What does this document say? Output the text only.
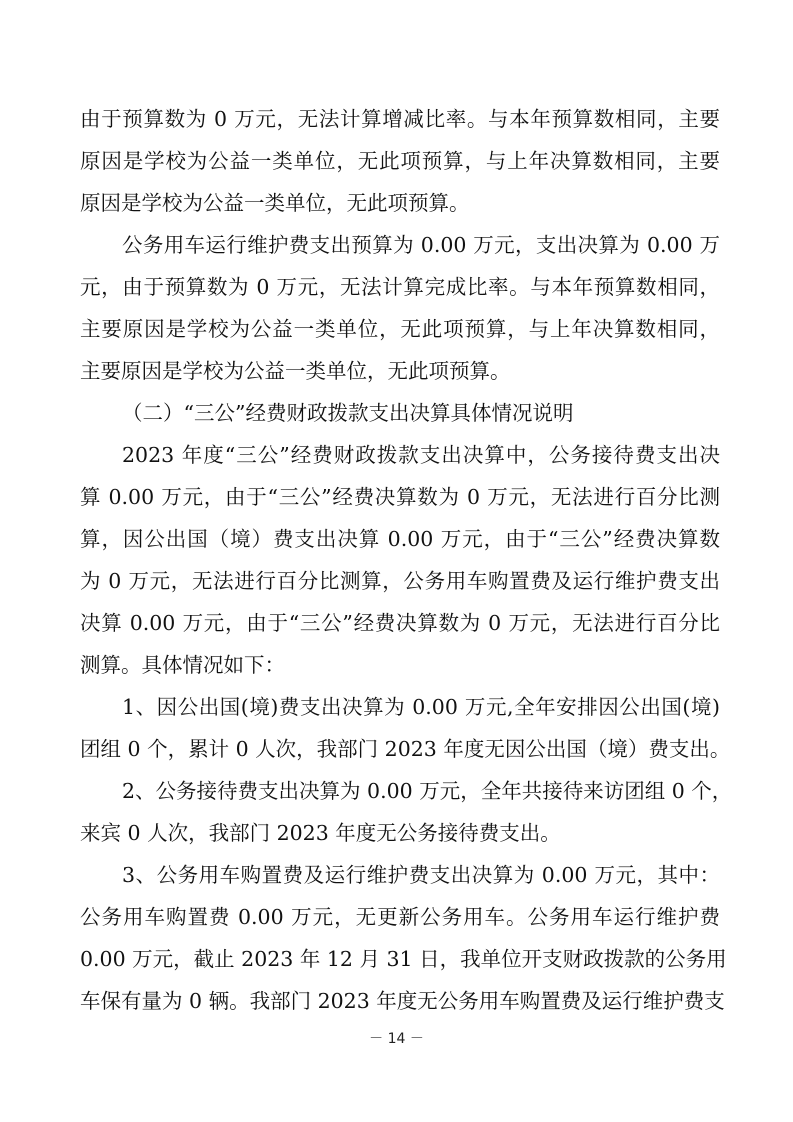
由于预算数为 0 万元，无法计算增减比率。与本年预算数相同，主要
原因是学校为公益一类单位，无此项预算，与上年决算数相同，主要
原因是学校为公益一类单位，无此项预算。
公务用车运行维护费支出预算为 0.00 万元，支出决算为 0.00 万
元，由于预算数为 0 万元，无法计算完成比率。与本年预算数相同，
主要原因是学校为公益一类单位，无此项预算，与上年决算数相同，
主要原因是学校为公益一类单位，无此项预算。
（二）“三公”经费财政拨款支出决算具体情况说明
2023 年度“三公”经费财政拨款支出决算中，公务接待费支出决
算 0.00 万元，由于“三公”经费决算数为 0 万元，无法进行百分比测
算，因公出国（境）费支出决算 0.00 万元，由于“三公”经费决算数
为 0 万元，无法进行百分比测算，公务用车购置费及运行维护费支出
决算 0.00 万元，由于“三公”经费决算数为 0 万元，无法进行百分比
测算。具体情况如下：
1、因公出国(境)费支出决算为 0.00 万元,全年安排因公出国(境)
团组 0 个，累计 0 人次，我部门 2023 年度无因公出国（境）费支出。
2、公务接待费支出决算为 0.00 万元，全年共接待来访团组 0 个，
来宾 0 人次，我部门 2023 年度无公务接待费支出。
3、公务用车购置费及运行维护费支出决算为 0.00 万元，其中：
公务用车购置费 0.00 万元，无更新公务用车。公务用车运行维护费
0.00 万元，截止 2023 年 12 月 31 日，我单位开支财政拨款的公务用
车保有量为 0 辆。我部门 2023 年度无公务用车购置费及运行维护费支
－ 14 －
